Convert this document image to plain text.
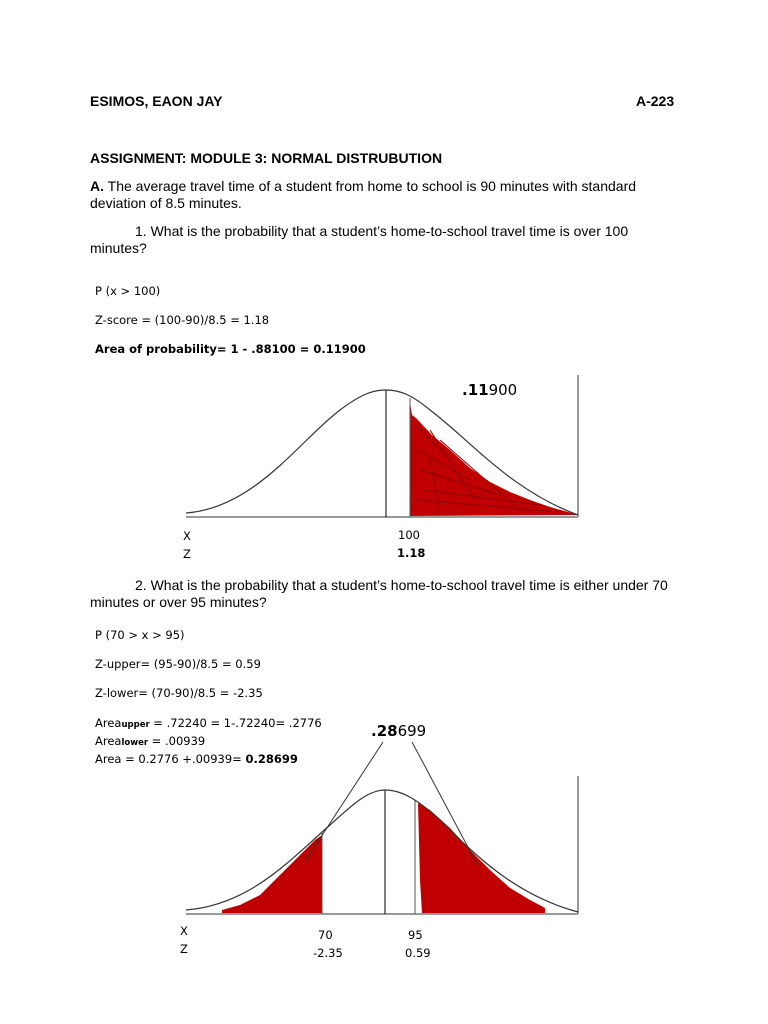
ESIMOS, EAON JAY	A-223
ASSIGNMENT: MODULE 3: NORMAL DISTRUBUTION
A. The average travel time of a student from home to school is 90 minutes with standard
deviation of 8.5 minutes.
1. What is the probability that a student’s home-to-school travel time is over 100
minutes?
P (x > 100)
Z-score = (100-90)/8.5 = 1.18
Area of probability= 1 - .88100 = 0.11900
.11900
X
Z
100
1.18
2. What is the probability that a student’s home-to-school travel time is either under 70
minutes or over 95 minutes?
P (70 > x > 95)
Z-upper= (95-90)/8.5 = 0.59
Z-lower= (70-90)/8.5 = -2.35
Areaupper = .72240 = 1-.72240= .2776
Arealower = .00939
Area = 0.2776 +.00939= 0.28699
.28699
X
Z
70
-2.35
95
0.59
